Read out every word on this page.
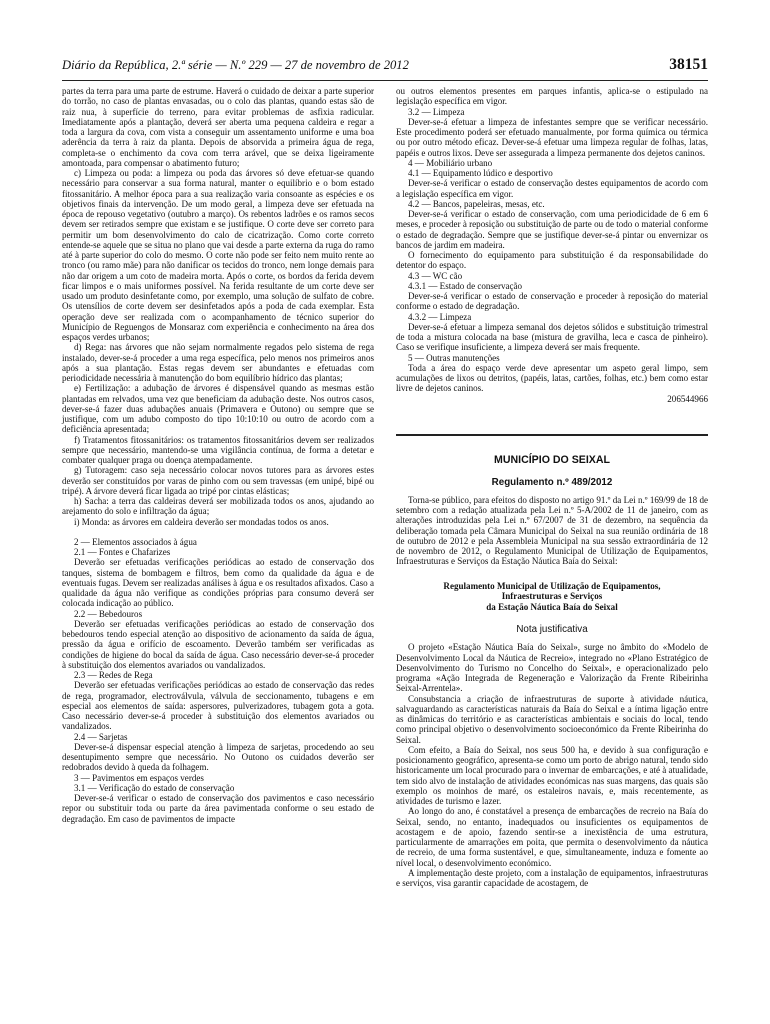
Diário da República, 2.ª série — N.º 229 — 27 de novembro de 2012	38151

partes da terra para uma parte de estrume. Haverá o cuidado de deixar a parte superior do torrão, no caso de plantas envasadas, ou o colo das plantas, quando estas são de raiz nua, à superfície do terreno, para evitar problemas de asfixia radicular. Imediatamente após a plantação, deverá ser aberta uma pequena caldeira e regar a toda a largura da cova, com vista a conseguir um assentamento uniforme e uma boa aderência da terra à raiz da planta. Depois de absorvida a primeira água de rega, completa-se o enchimento da cova com terra arável, que se deixa ligeiramente amontoada, para compensar o abatimento futuro;

c) Limpeza ou poda: a limpeza ou poda das árvores só deve efetuar-se quando necessário para conservar a sua forma natural, manter o equilíbrio e o bom estado fitossanitário. A melhor época para a sua realização varia consoante as espécies e os objetivos finais da intervenção. De um modo geral, a limpeza deve ser efetuada na época de repouso vegetativo (outubro a março). Os rebentos ladrões e os ramos secos devem ser retirados sempre que existam e se justifique. O corte deve ser correto para permitir um bom desenvolvimento do calo de cicatrização. Como corte correto entende-se aquele que se situa no plano que vai desde a parte externa da ruga do ramo até à parte superior do colo do mesmo. O corte não pode ser feito nem muito rente ao tronco (ou ramo mãe) para não danificar os tecidos do tronco, nem longe demais para não dar origem a um coto de madeira morta. Após o corte, os bordos da ferida devem ficar limpos e o mais uniformes possível. Na ferida resultante de um corte deve ser usado um produto desinfetante como, por exemplo, uma solução de sulfato de cobre. Os utensílios de corte devem ser desinfetados após a poda de cada exemplar. Esta operação deve ser realizada com o acompanhamento de técnico superior do Município de Reguengos de Monsaraz com experiência e conhecimento na área dos espaços verdes urbanos;

d) Rega: nas árvores que não sejam normalmente regados pelo sistema de rega instalado, dever-se-á proceder a uma rega específica, pelo menos nos primeiros anos após a sua plantação. Estas regas devem ser abundantes e efetuadas com periodicidade necessária à manutenção do bom equilíbrio hídrico das plantas;

e) Fertilização: a adubação de árvores é dispensável quando as mesmas estão plantadas em relvados, uma vez que beneficiam da adubação deste. Nos outros casos, dever-se-á fazer duas adubações anuais (Primavera e Outono) ou sempre que se justifique, com um adubo composto do tipo 10:10:10 ou outro de acordo com a deficiência apresentada;

f) Tratamentos fitossanitários: os tratamentos fitossanitários devem ser realizados sempre que necessário, mantendo-se uma vigilância contínua, de forma a detetar e combater qualquer praga ou doença atempadamente.

g) Tutoragem: caso seja necessário colocar novos tutores para as árvores estes deverão ser constituídos por varas de pinho com ou sem travessas (em unipé, bipé ou tripé). A árvore deverá ficar ligada ao tripé por cintas elásticas;

h) Sacha: a terra das caldeiras deverá ser mobilizada todos os anos, ajudando ao arejamento do solo e infiltração da água;

i) Monda: as árvores em caldeira deverão ser mondadas todos os anos.

2 — Elementos associados à água

2.1 — Fontes e Chafarizes

Deverão ser efetuadas verificações periódicas ao estado de conservação dos tanques, sistema de bombagem e filtros, bem como da qualidade da água e de eventuais fugas. Devem ser realizadas análises à água e os resultados afixados. Caso a qualidade da água não verifique as condições próprias para consumo deverá ser colocada indicação ao público.

2.2 — Bebedouros

Deverão ser efetuadas verificações periódicas ao estado de conservação dos bebedouros tendo especial atenção ao dispositivo de acionamento da saída de água, pressão da água e orifício de escoamento. Deverão também ser verificadas as condições de higiene do bocal da saída de água. Caso necessário dever-se-á proceder à substituição dos elementos avariados ou vandalizados.

2.3 — Redes de Rega

Deverão ser efetuadas verificações periódicas ao estado de conservação das redes de rega, programador, electroválvula, válvula de seccionamento, tubagens e em especial aos elementos de saída: aspersores, pulverizadores, tubagem gota a gota. Caso necessário dever-se-á proceder à substituição dos elementos avariados ou vandalizados.

2.4 — Sarjetas

Dever-se-á dispensar especial atenção à limpeza de sarjetas, procedendo ao seu desentupimento sempre que necessário. No Outono os cuidados deverão ser redobrados devido à queda da folhagem.

3 — Pavimentos em espaços verdes

3.1 — Verificação do estado de conservação

Dever-se-á verificar o estado de conservação dos pavimentos e caso necessário repor ou substituir toda ou parte da área pavimentada conforme o seu estado de degradação. Em caso de pavimentos de impacte

ou outros elementos presentes em parques infantis, aplica-se o estipulado na legislação específica em vigor.

3.2 — Limpeza

Dever-se-á efetuar a limpeza de infestantes sempre que se verificar necessário. Este procedimento poderá ser efetuado manualmente, por forma química ou térmica ou por outro método eficaz. Dever-se-á efetuar uma limpeza regular de folhas, latas, papéis e outros lixos. Deve ser assegurada a limpeza permanente dos dejetos caninos.

4 — Mobiliário urbano

4.1 — Equipamento lúdico e desportivo

Dever-se-á verificar o estado de conservação destes equipamentos de acordo com a legislação específica em vigor.

4.2 — Bancos, papeleiras, mesas, etc.

Dever-se-á verificar o estado de conservação, com uma periodicidade de 6 em 6 meses, e proceder à reposição ou substituição de parte ou de todo o material conforme o estado de degradação. Sempre que se justifique dever-se-á pintar ou envernizar os bancos de jardim em madeira.

O fornecimento do equipamento para substituição é da responsabilidade do detentor do espaço.

4.3 — WC cão

4.3.1 — Estado de conservação

Dever-se-á verificar o estado de conservação e proceder à reposição do material conforme o estado de degradação.

4.3.2 — Limpeza

Dever-se-á efetuar a limpeza semanal dos dejetos sólidos e substituição trimestral de toda a mistura colocada na base (mistura de gravilha, leca e casca de pinheiro). Caso se verifique insuficiente, a limpeza deverá ser mais frequente.

5 — Outras manutenções

Toda a área do espaço verde deve apresentar um aspeto geral limpo, sem acumulações de lixos ou detritos, (papéis, latas, cartões, folhas, etc.) bem como estar livre de dejetos caninos.

206544966

MUNICÍPIO DO SEIXAL

Regulamento n.º 489/2012

Torna-se público, para efeitos do disposto no artigo 91.º da Lei n.º 169/99 de 18 de setembro com a redação atualizada pela Lei n.º 5-A/2002 de 11 de janeiro, com as alterações introduzidas pela Lei n.º 67/2007 de 31 de dezembro, na sequência da deliberação tomada pela Câmara Municipal do Seixal na sua reunião ordinária de 18 de outubro de 2012 e pela Assembleia Municipal na sua sessão extraordinária de 12 de novembro de 2012, o Regulamento Municipal de Utilização de Equipamentos, Infraestruturas e Serviços da Estação Náutica Baía do Seixal:

Regulamento Municipal de Utilização de Equipamentos,

Infraestruturas e Serviços

da Estação Náutica Baía do Seixal

Nota justificativa

O projeto «Estação Náutica Baía do Seixal», surge no âmbito do «Modelo de Desenvolvimento Local da Náutica de Recreio», integrado no «Plano Estratégico de Desenvolvimento do Turismo no Concelho do Seixal», e operacionalizado pelo programa «Ação Integrada de Regeneração e Valorização da Frente Ribeirinha Seixal-Arrentela».

Consubstancia a criação de infraestruturas de suporte à atividade náutica, salvaguardando as características naturais da Baía do Seixal e a íntima ligação entre as dinâmicas do território e as características ambientais e sociais do local, tendo como principal objetivo o desenvolvimento socioeconómico da Frente Ribeirinha do Seixal.

Com efeito, a Baía do Seixal, nos seus 500 ha, e devido à sua configuração e posicionamento geográfico, apresenta-se como um porto de abrigo natural, tendo sido historicamente um local procurado para o invernar de embarcações, e até à atualidade, tem sido alvo de instalação de atividades económicas nas suas margens, das quais são exemplo os moinhos de maré, os estaleiros navais, e, mais recentemente, as atividades de turismo e lazer.

Ao longo do ano, é constatável a presença de embarcações de recreio na Baía do Seixal, sendo, no entanto, inadequados ou insuficientes os equipamentos de acostagem e de apoio, fazendo sentir-se a inexistência de uma estrutura, particularmente de amarrações em poita, que permita o desenvolvimento da náutica de recreio, de uma forma sustentável, e que, simultaneamente, induza e fomente ao nível local, o desenvolvimento económico.

A implementação deste projeto, com a instalação de equipamentos, infraestruturas e serviços, visa garantir capacidade de acostagem, de
